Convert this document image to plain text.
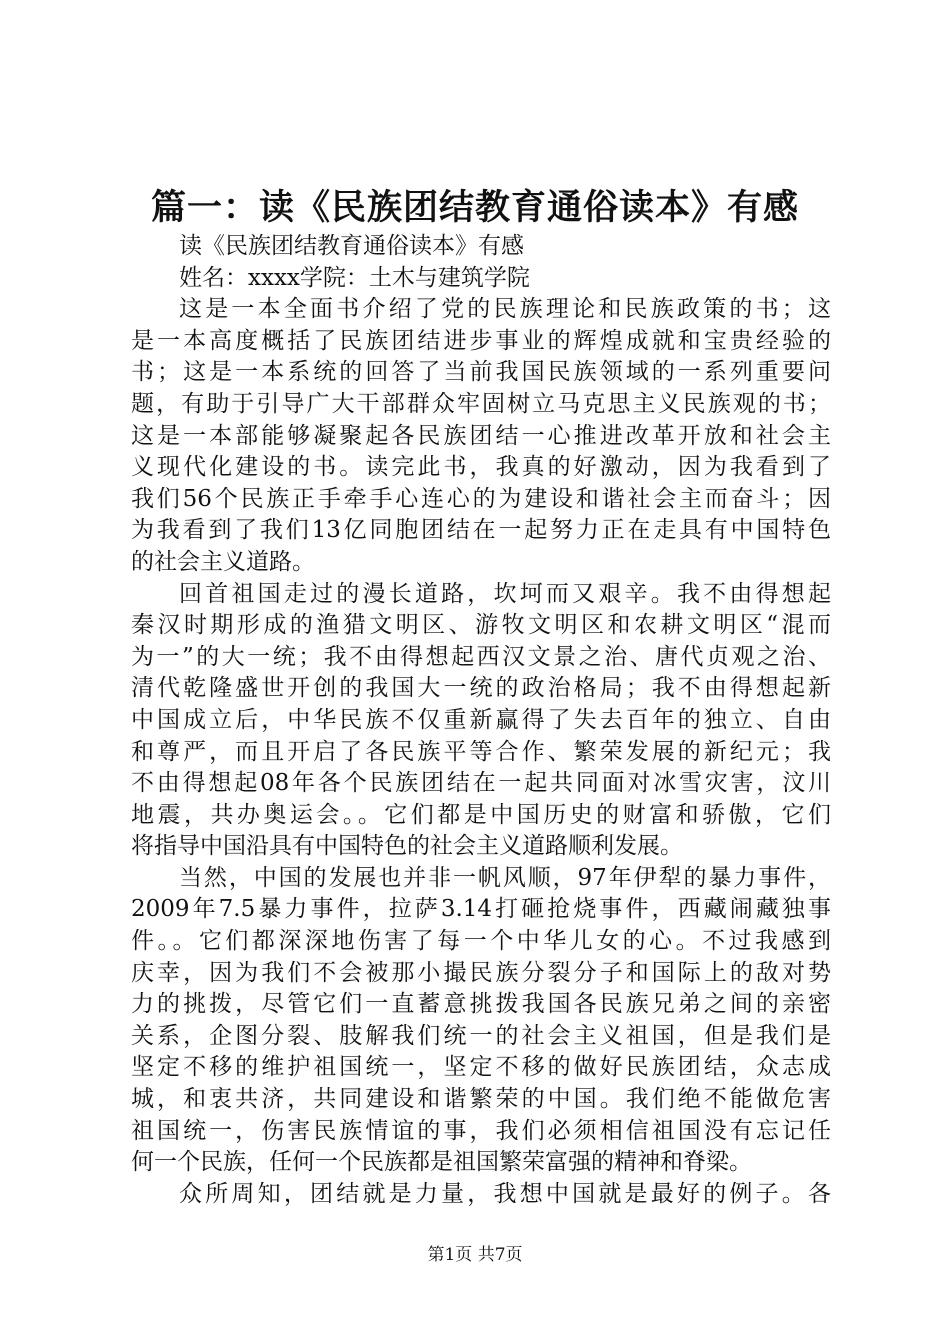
篇一：读《民族团结教育通俗读本》有感
读《民族团结教育通俗读本》有感
姓名：xxxx学院：土木与建筑学院
这是一本全面书介绍了党的民族理论和民族政策的书；这
是一本高度概括了民族团结进步事业的辉煌成就和宝贵经验的
书；这是一本系统的回答了当前我国民族领域的一系列重要问
题，有助于引导广大干部群众牢固树立马克思主义民族观的书；
这是一本部能够凝聚起各民族团结一心推进改革开放和社会主
义现代化建设的书。读完此书，我真的好激动，因为我看到了
我们56个民族正手牵手心连心的为建设和谐社会主而奋斗；因
为我看到了我们13亿同胞团结在一起努力正在走具有中国特色
的社会主义道路。
回首祖国走过的漫长道路，坎坷而又艰辛。我不由得想起
秦汉时期形成的渔猎文明区、游牧文明区和农耕文明区“混而
为一”的大一统；我不由得想起西汉文景之治、唐代贞观之治、
清代乾隆盛世开创的我国大一统的政治格局；我不由得想起新
中国成立后，中华民族不仅重新赢得了失去百年的独立、自由
和尊严，而且开启了各民族平等合作、繁荣发展的新纪元；我
不由得想起08年各个民族团结在一起共同面对冰雪灾害，汶川
地震，共办奥运会。。它们都是中国历史的财富和骄傲，它们
将指导中国沿具有中国特色的社会主义道路顺利发展。
当然，中国的发展也并非一帆风顺，97年伊犁的暴力事件，
2009年7.5暴力事件，拉萨3.14打砸抢烧事件，西藏闹藏独事
件。。它们都深深地伤害了每一个中华儿女的心。不过我感到
庆幸，因为我们不会被那小撮民族分裂分子和国际上的敌对势
力的挑拨，尽管它们一直蓄意挑拨我国各民族兄弟之间的亲密
关系，企图分裂、肢解我们统一的社会主义祖国，但是我们是
坚定不移的维护祖国统一，坚定不移的做好民族团结，众志成
城，和衷共济，共同建设和谐繁荣的中国。我们绝不能做危害
祖国统一，伤害民族情谊的事，我们必须相信祖国没有忘记任
何一个民族，任何一个民族都是祖国繁荣富强的精神和脊梁。
众所周知，团结就是力量，我想中国就是最好的例子。各
第1页 共7页
